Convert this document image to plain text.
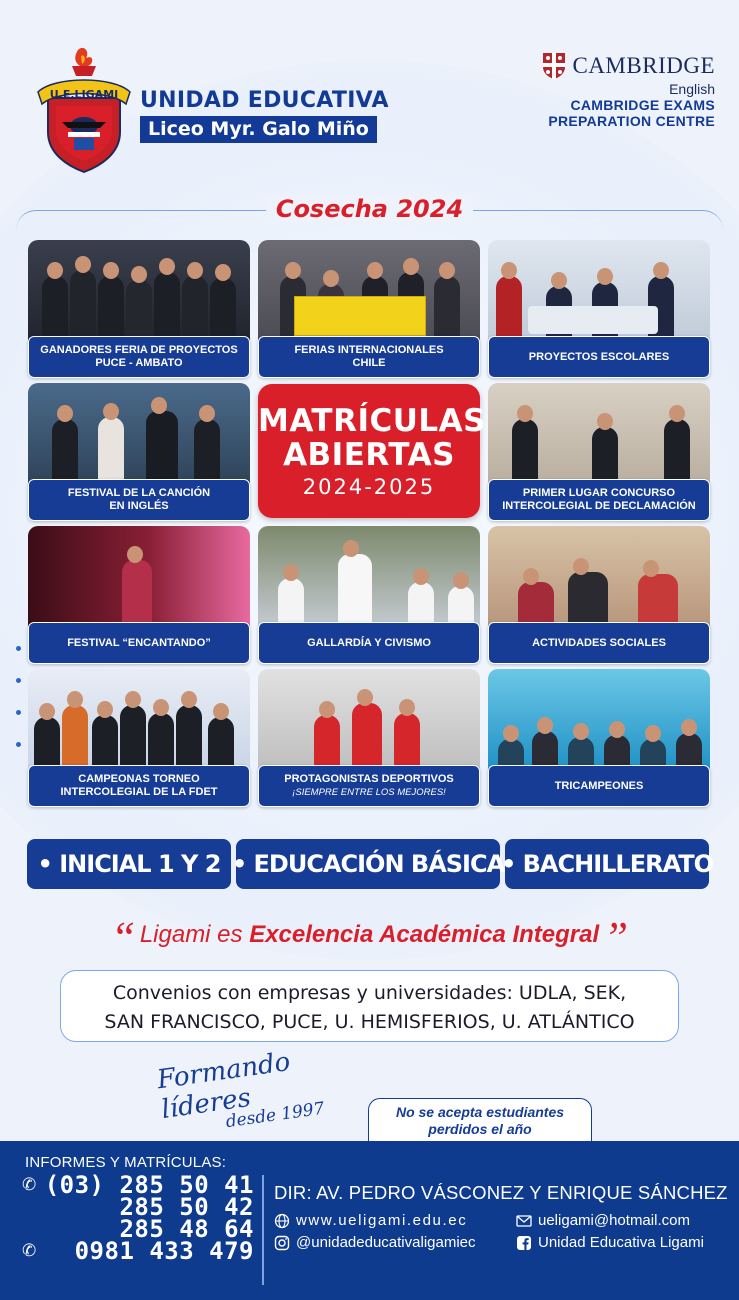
U.E.LIGAMI UNIDAD EDUCATIVA
Liceo Myr. Galo Miño
CAMBRIDGE
English
CAMBRIDGE EXAMS
PREPARATION CENTRE
Cosecha 2024
GANADORES FERIA DE PROYECTOS
PUCE - AMBATO
FERIAS INTERNACIONALES
CHILE
PROYECTOS ESCOLARES
FESTIVAL DE LA CANCIÓN
EN INGLÉS
MATRÍCULAS
ABIERTAS
2024-2025	PRIMER LUGAR CONCURSO
INTERCOLEGIAL DE DECLAMACIÓN
FESTIVAL “ENCANTANDO”	GALLARDÍA Y CIVISMO	ACTIVIDADES SOCIALES
CAMPEONAS TORNEO
INTERCOLEGIAL DE LA FDET
PROTAGONISTAS DEPORTIVOS
¡SIEMPRE ENTRE LOS MEJORES!
TRICAMPEONES
• INICIAL 1 Y 2 • EDUCACIÓN BÁSICA
• BACHILLERATO
“ Ligami es Excelencia Académica Integral ”
Convenios con empresas y universidades: UDLA, SEK,
SAN FRANCISCO, PUCE, U. HEMISFERIOS, U. ATLÁNTICO
Formando líderes
desde 1997	No se acepta estudiantes
perdidos el año
INFORMES Y MATRÍCULAS:
✆ (03) 285 50 41
285 50 42
285 48 64
✆ 0981 433 479
DIR: AV. PEDRO VÁSCONEZ Y ENRIQUE SÁNCHEZ
www.ueligami.edu.ec	ueligami@hotmail.com
@unidadeducativaligamiec	Unidad Educativa Ligami
